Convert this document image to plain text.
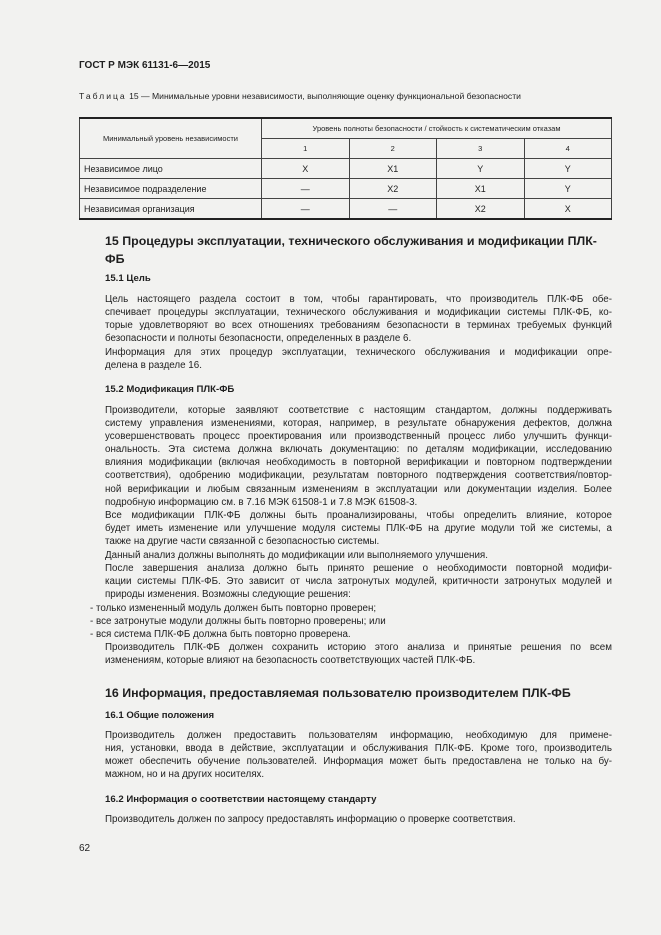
ГОСТ Р МЭК 61131-6—2015
Таблица 15 — Минимальные уровни независимости, выполняющие оценку функциональной безопасности
Минимальный уровень независимости	Уровень полноты безопасности / стойкость к систематическим отказам			
	1	2	3	4
Независимое лицо	X	X1	Y	Y
Независимое подразделение	—	X2	X1	Y
Независимая организация	—	—	X2	X
15 Процедуры эксплуатации, технического обслуживания и модификации ПЛК-ФБ
15.1 Цель
Цель настоящего раздела состоит в том, чтобы гарантировать, что производитель ПЛК-ФБ обе-
спечивает процедуры эксплуатации, технического обслуживания и модификации системы ПЛК-ФБ, ко-
торые удовлетворяют во всех отношениях требованиям безопасности в терминах требуемых функций
безопасности и полноты безопасности, определенных в разделе 6.
Информация для этих процедур эксплуатации, технического обслуживания и модификации опре-
делена в разделе 16.
15.2 Модификация ПЛК-ФБ
Производители, которые заявляют соответствие с настоящим стандартом, должны поддерживать
систему управления изменениями, которая, например, в результате обнаружения дефектов, должна
усовершенствовать процесс проектирования или производственный процесс либо улучшить функци-
ональность. Эта система должна включать документацию: по деталям модификации, исследованию
влияния модификации (включая необходимость в повторной верификации и повторном подтверждении
соответствия), одобрению модификации, результатам повторного подтверждения соответствия/повтор-
ной верификации и любым связанным изменениям в эксплуатации или документации изделия. Более
подробную информацию см. в 7.16 МЭК 61508-1 и 7.8 МЭК 61508-3.
Все модификации ПЛК-ФБ должны быть проанализированы, чтобы определить влияние, которое
будет иметь изменение или улучшение модуля системы ПЛК-ФБ на другие модули той же системы, а
также на другие части связанной с безопасностью системы.
Данный анализ должны выполнять до модификации или выполняемого улучшения.
После завершения анализа должно быть принято решение о необходимости повторной модифи-
кации системы ПЛК-ФБ. Это зависит от числа затронутых модулей, критичности затронутых модулей и
природы изменения. Возможны следующие решения:
- только измененный модуль должен быть повторно проверен;
- все затронутые модули должны быть повторно проверены; или
- вся система ПЛК-ФБ должна быть повторно проверена.
Производитель ПЛК-ФБ должен сохранить историю этого анализа и принятые решения по всем
изменениям, которые влияют на безопасность соответствующих частей ПЛК-ФБ.
16 Информация, предоставляемая пользователю производителем ПЛК-ФБ
16.1 Общие положения
Производитель должен предоставить пользователям информацию, необходимую для примене-
ния, установки, ввода в действие, эксплуатации и обслуживания ПЛК-ФБ. Кроме того, производитель
может обеспечить обучение пользователей. Информация может быть предоставлена не только на бу-
мажном, но и на других носителях.
16.2 Информация о соответствии настоящему стандарту
Производитель должен по запросу предоставлять информацию о проверке соответствия.
62
